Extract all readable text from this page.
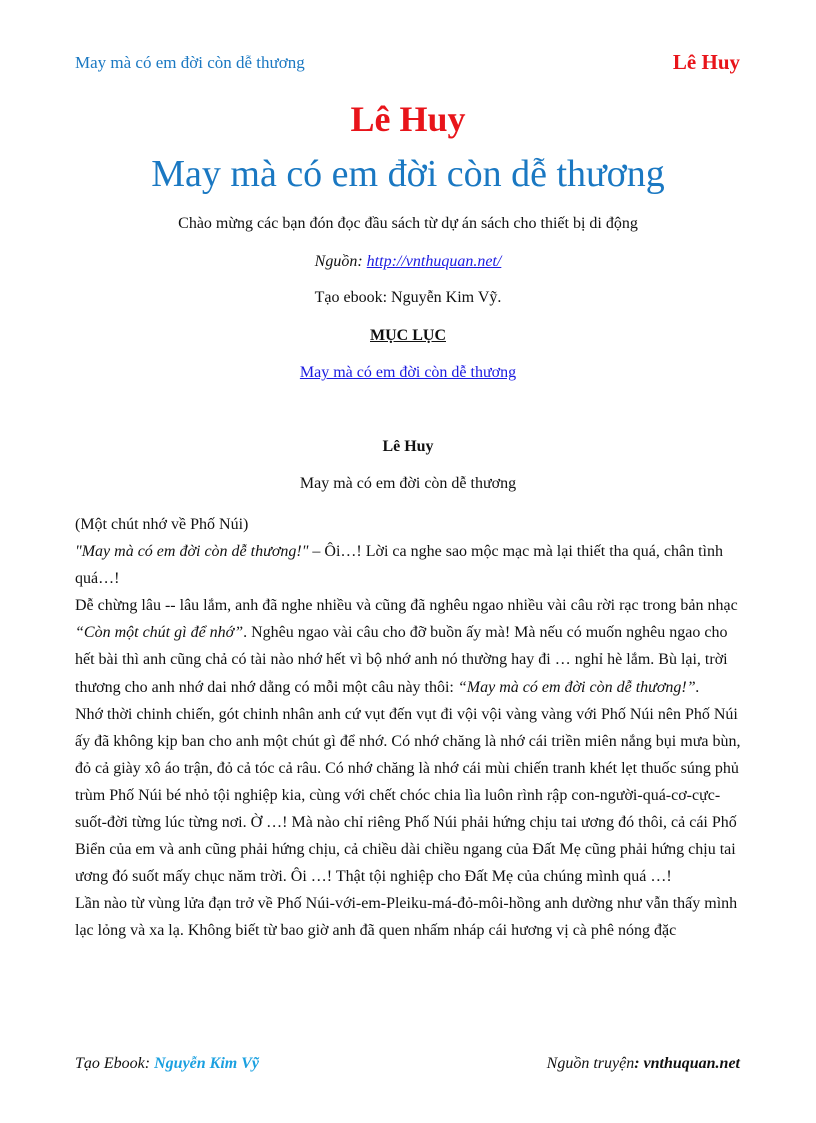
May mà có em đời còn dễ thương	Lê Huy
Lê Huy
May mà có em đời còn dễ thương
Chào mừng các bạn đón đọc đầu sách từ dự án sách cho thiết bị di động
Nguồn: http://vnthuquan.net/
Tạo ebook: Nguyễn Kim Vỹ.
MỤC LỤC
May mà có em đời còn dễ thương
Lê Huy
May mà có em đời còn dễ thương

(Một chút nhớ về Phố Núi)

"May mà có em đời còn dễ thương!" – Ôi…! Lời ca nghe sao mộc mạc mà lại thiết tha quá, chân tình quá…!

Dễ chừng lâu -- lâu lắm, anh đã nghe nhiều và cũng đã nghêu ngao nhiều vài câu rời rạc trong bản nhạc “Còn một chút gì để nhớ”. Nghêu ngao vài câu cho đỡ buồn ấy mà! Mà nếu có muốn nghêu ngao cho hết bài thì anh cũng chả có tài nào nhớ hết vì bộ nhớ anh nó thường hay đi … nghỉ hè lắm. Bù lại, trời thương cho anh nhớ dai nhớ dằng có mỗi một câu này thôi: “May mà có em đời còn dễ thương!”.

Nhớ thời chinh chiến, gót chinh nhân anh cứ vụt đến vụt đi vội vội vàng vàng với Phố Núi nên Phố Núi ấy đã không kịp ban cho anh một chút gì để nhớ. Có nhớ chăng là nhớ cái triền miên nắng bụi mưa bùn, đỏ cả giày xô áo trận, đỏ cả tóc cả râu. Có nhớ chăng là nhớ cái mùi chiến tranh khét lẹt thuốc súng phủ trùm Phố Núi bé nhỏ tội nghiệp kia, cùng với chết chóc chia lìa luôn rình rập con-người-quá-cơ-cực-suốt-đời từng lúc từng nơi. Ờ …! Mà nào chỉ riêng Phố Núi phải hứng chịu tai ương đó thôi, cả cái Phố Biển của em và anh cũng phải hứng chịu, cả chiều dài chiều ngang của Đất Mẹ cũng phải hứng chịu tai ương đó suốt mấy chục năm trời. Ôi …! Thật tội nghiệp cho Đất Mẹ của chúng mình quá …!

Lần nào từ vùng lửa đạn trở về Phố Núi-với-em-Pleiku-má-đỏ-môi-hồng anh dường như vẫn thấy mình lạc lỏng và xa lạ. Không biết từ bao giờ anh đã quen nhấm nháp cái hương vị cà phê nóng đặc

Tạo Ebook: Nguyễn Kim Vỹ	Nguồn truyện: vnthuquan.net
